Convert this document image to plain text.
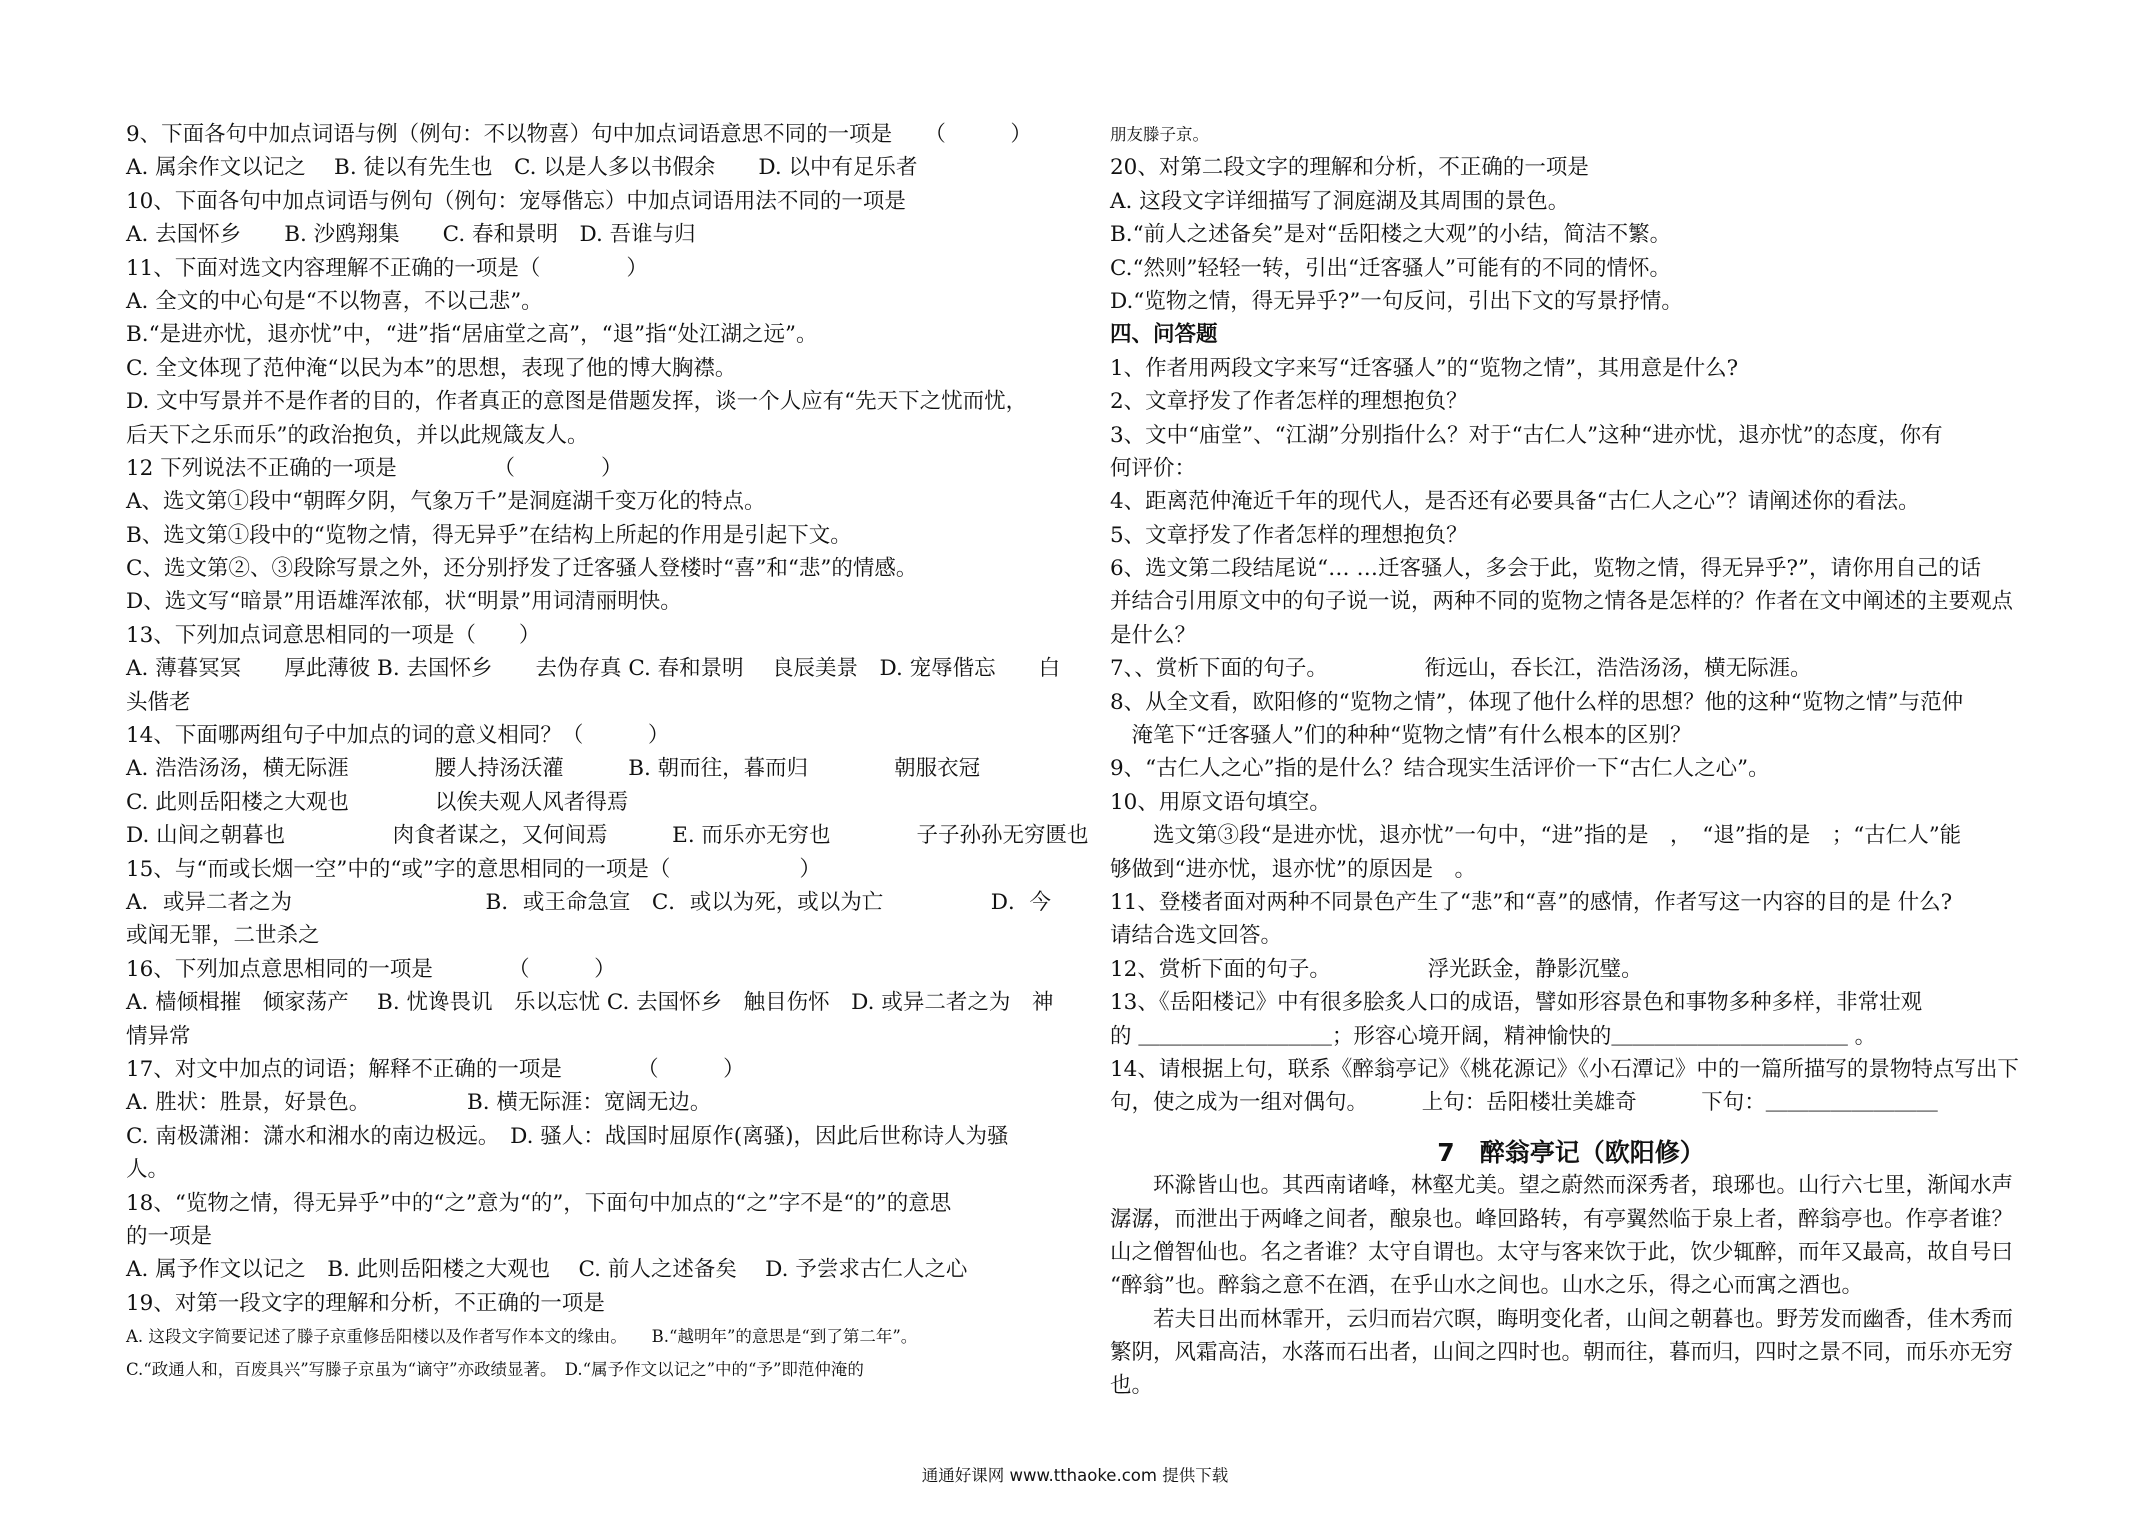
9、下面各句中加点词语与例（例句：不以物喜）句中加点词语意思不同的一项是　　（　　　）
A. 属余作文以记之　 B. 徒以有先生也　C. 以是人多以书假余　　D. 以中有足乐者
10、下面各句中加点词语与例句（例句：宠辱偕忘）中加点词语用法不同的一项是
A. 去国怀乡　　B. 沙鸥翔集　　C. 春和景明　D. 吾谁与归
11、下面对选文内容理解不正确的一项是（　　　　）
A. 全文的中心句是“不以物喜，不以己悲”。
B.“是进亦忧，退亦忧”中，“进”指“居庙堂之高”，“退”指“处江湖之远”。
C. 全文体现了范仲淹“以民为本”的思想，表现了他的博大胸襟。
D. 文中写景并不是作者的目的，作者真正的意图是借题发挥，谈一个人应有“先天下之忧而忧，
后天下之乐而乐”的政治抱负，并以此规箴友人。
12 下列说法不正确的一项是　　　　　（　　　　）
A、选文第①段中“朝晖夕阴，气象万千”是洞庭湖千变万化的特点。
B、选文第①段中的“览物之情，得无异乎”在结构上所起的作用是引起下文。
C、选文第②、③段除写景之外，还分别抒发了迁客骚人登楼时“喜”和“悲”的情感。
D、选文写“暗景”用语雄浑浓郁，状“明景”用词清丽明快。
13、下列加点词意思相同的一项是（　　）
A. 薄暮冥冥　　厚此薄彼 B. 去国怀乡　　去伪存真 C. 春和景明　 良辰美景　D. 宠辱偕忘　　白
头偕老
14、下面哪两组句子中加点的词的意义相同？（　　　）
A. 浩浩汤汤，横无际涯　　　　腰人持汤沃灌　　　B. 朝而往，暮而归　　　　朝服衣冠
C. 此则岳阳楼之大观也　　　　以俟夫观人风者得焉
D. 山间之朝暮也　　　　　肉食者谋之，又何间焉　　　E. 而乐亦无穷也　　　　子子孙孙无穷匮也
15、与“而或长烟一空”中的“或”字的意思相同的一项是（　　　　　　）
A．或异二者之为　　　　　　　　　B．或王命急宣　C．或以为死，或以为亡　　　　　D．今
或闻无罪，二世杀之
16、下列加点意思相同的一项是　　　　（　　　）
A. 樯倾楫摧　倾家荡产　 B. 忧谗畏讥　乐以忘忧 C. 去国怀乡　触目伤怀　D. 或异二者之为　神
情异常
17、对文中加点的词语；解释不正确的一项是　　　　（　　　）
A. 胜状：胜景，好景色。　　　　　B. 横无际涯：宽阔无边。
C. 南极潇湘：潇水和湘水的南边极远。　D. 骚人：战国时屈原作(离骚)，因此后世称诗人为骚
人。
18、“览物之情，得无异乎”中的“之”意为“的”，下面句中加点的“之”字不是“的”的意思
的一项是
A. 属予作文以记之　B. 此则岳阳楼之大观也　 C. 前人之述备矣　 D. 予尝求古仁人之心
19、对第一段文字的理解和分析，不正确的一项是
A. 这段文字简要记述了滕子京重修岳阳楼以及作者写作本文的缘由。　　B.“越明年”的意思是“到了第二年”。
C.“政通人和，百废具兴”写滕子京虽为“谪守”亦政绩显著。　D.“属予作文以记之”中的“予”即范仲淹的
朋友滕子京。
20、对第二段文字的理解和分析，不正确的一项是
A. 这段文字详细描写了洞庭湖及其周围的景色。
B.“前人之述备矣”是对“岳阳楼之大观”的小结，简洁不繁。
C.“然则”轻轻一转，引出“迁客骚人”可能有的不同的情怀。
D.“览物之情，得无异乎?”一句反问，引出下文的写景抒情。
四、问答题
1、作者用两段文字来写“迁客骚人”的“览物之情”，其用意是什么?
2、文章抒发了作者怎样的理想抱负？
3、文中“庙堂”、“江湖”分别指什么？对于“古仁人”这种“进亦忧，退亦忧”的态度，你有
何评价：
4、距离范仲淹近千年的现代人，是否还有必要具备“古仁人之心”？请阐述你的看法。
5、文章抒发了作者怎样的理想抱负？
6、选文第二段结尾说“… …迁客骚人，多会于此，览物之情，得无异乎?”，请你用自己的话
并结合引用原文中的句子说一说，两种不同的览物之情各是怎样的？作者在文中阐述的主要观点
是什么？
7、、赏析下面的句子。　　　　　衔远山，吞长江，浩浩汤汤，横无际涯。
8、从全文看，欧阳修的“览物之情”，体现了他什么样的思想？他的这种“览物之情”与范仲
　淹笔下“迁客骚人”们的种种“览物之情”有什么根本的区别？
9、“古仁人之心”指的是什么？结合现实生活评价一下“古仁人之心”。
10、用原文语句填空。
　　选文第③段“是进亦忧，退亦忧”一句中，“进”指的是　，　“退”指的是　；“古仁人”能
够做到“进亦忧，退亦忧”的原因是　。
11、登楼者面对两种不同景色产生了“悲”和“喜”的感情，作者写这一内容的目的是 什么?
请结合选文回答。
12、赏析下面的句子。　　　　　浮光跃金，静影沉璧。
13、《岳阳楼记》中有很多脍炙人口的成语，譬如形容景色和事物多种多样，非常壮观
的 ＿＿＿＿＿＿＿＿＿；形容心境开阔，精神愉快的＿＿＿＿＿＿＿＿＿＿＿ 。
14、请根据上句，联系《醉翁亭记》《桃花源记》《小石潭记》中的一篇所描写的景物特点写出下
句，使之成为一组对偶句。　　　上句：岳阳楼壮美雄奇　　　下句：＿＿＿＿＿＿＿＿
7　醉翁亭记（欧阳修）
　　环滁皆山也。其西南诸峰，林壑尤美。望之蔚然而深秀者，琅琊也。山行六七里，渐闻水声
潺潺，而泄出于两峰之间者，酿泉也。峰回路转，有亭翼然临于泉上者，醉翁亭也。作亭者谁？
山之僧智仙也。名之者谁？太守自谓也。太守与客来饮于此，饮少辄醉，而年又最高，故自号曰
“醉翁”也。醉翁之意不在酒，在乎山水之间也。山水之乐，得之心而寓之酒也。
　　若夫日出而林霏开，云归而岩穴暝，晦明变化者，山间之朝暮也。野芳发而幽香，佳木秀而
繁阴，风霜高洁，水落而石出者，山间之四时也。朝而往，暮而归，四时之景不同，而乐亦无穷
也。
通通好课网 www.tthaoke.com 提供下载
